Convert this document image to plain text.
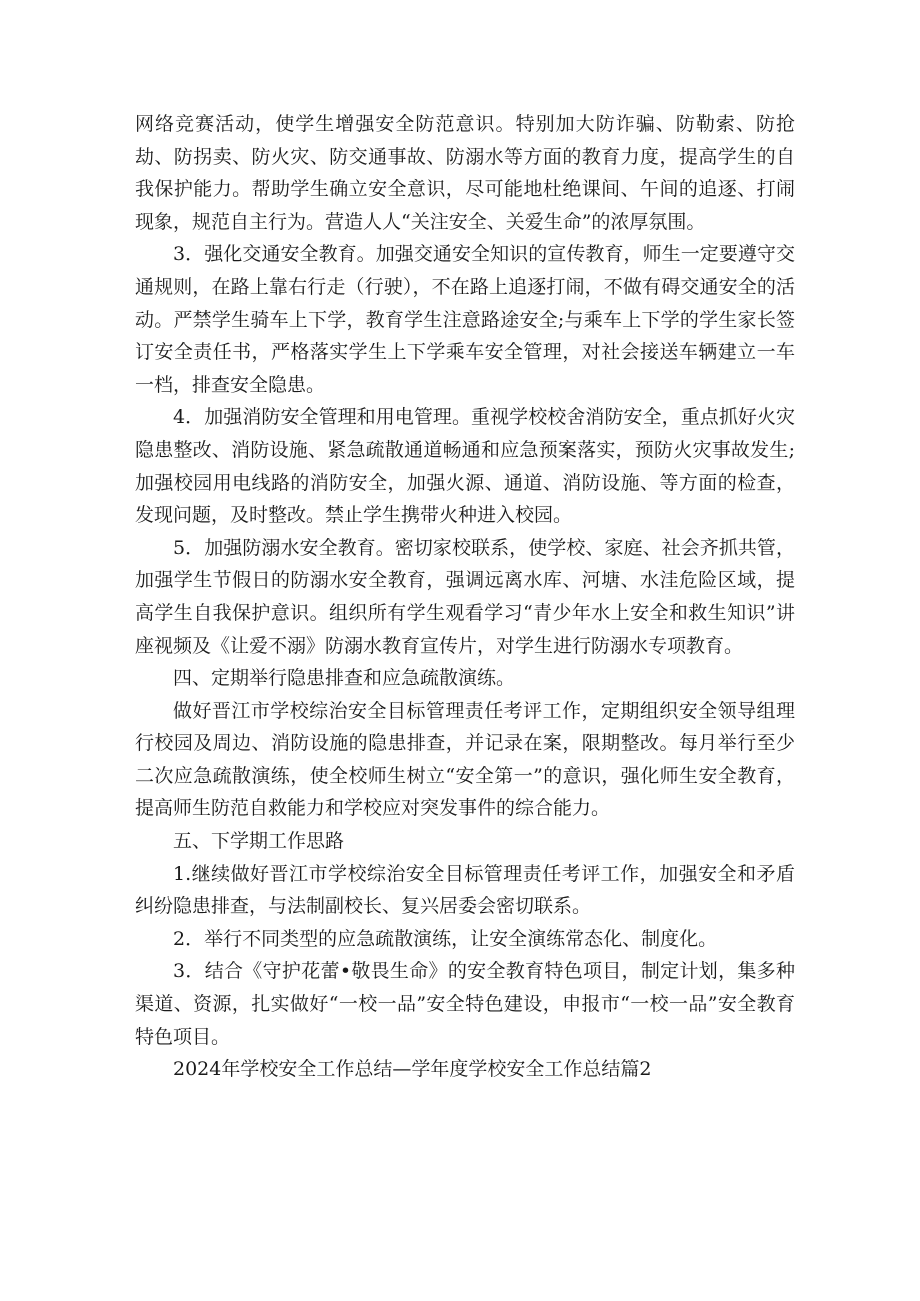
网络竞赛活动，使学生增强安全防范意识。特别加大防诈骗、防勒索、防抢劫、防拐卖、防火灾、防交通事故、防溺水等方面的教育力度，提高学生的自我保护能力。帮助学生确立安全意识，尽可能地杜绝课间、午间的追逐、打闹现象，规范自主行为。营造人人“关注安全、关爱生命”的浓厚氛围。

3．强化交通安全教育。加强交通安全知识的宣传教育，师生一定要遵守交通规则，在路上靠右行走（行驶），不在路上追逐打闹，不做有碍交通安全的活动。严禁学生骑车上下学，教育学生注意路途安全;与乘车上下学的学生家长签订安全责任书，严格落实学生上下学乘车安全管理，对社会接送车辆建立一车一档，排查安全隐患。

4．加强消防安全管理和用电管理。重视学校校舍消防安全，重点抓好火灾隐患整改、消防设施、紧急疏散通道畅通和应急预案落实，预防火灾事故发生;加强校园用电线路的消防安全，加强火源、通道、消防设施、等方面的检查，发现问题，及时整改。禁止学生携带火种进入校园。

5．加强防溺水安全教育。密切家校联系，使学校、家庭、社会齐抓共管，加强学生节假日的防溺水安全教育，强调远离水库、河塘、水洼危险区域，提高学生自我保护意识。组织所有学生观看学习“青少年水上安全和救生知识”讲座视频及《让爱不溺》防溺水教育宣传片，对学生进行防溺水专项教育。

四、定期举行隐患排查和应急疏散演练。

做好晋江市学校综治安全目标管理责任考评工作，定期组织安全领导组理行校园及周边、消防设施的隐患排查，并记录在案，限期整改。每月举行至少二次应急疏散演练，使全校师生树立“安全第一”的意识，强化师生安全教育，提高师生防范自救能力和学校应对突发事件的综合能力。

五、下学期工作思路

1.继续做好晋江市学校综治安全目标管理责任考评工作，加强安全和矛盾纠纷隐患排查，与法制副校长、复兴居委会密切联系。

2．举行不同类型的应急疏散演练，让安全演练常态化、制度化。

3．结合《守护花蕾•敬畏生命》的安全教育特色项目，制定计划，集多种渠道、资源，扎实做好“一校一品”安全特色建设，申报市“一校一品”安全教育特色项目。

2024年学校安全工作总结—学年度学校安全工作总结篇2
